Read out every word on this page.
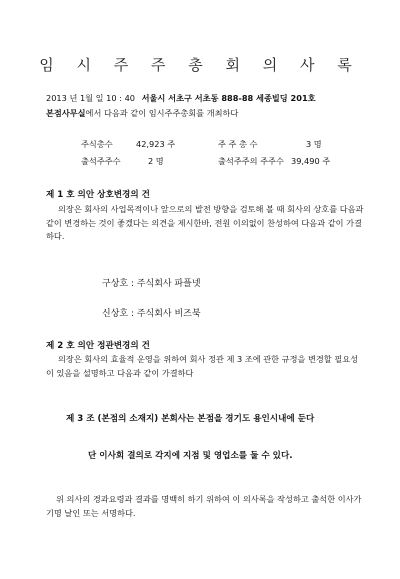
임 시 주 주 총 회 의 사 록
2013 년 1월 일 10 : 40 서울시 서초구 서초동 888-88 세종빌딩 201호
본점사무실에서 다음과 같이 임시주주총회를 개최하다
주식총수	42,923 주	주 주 총 수	3 명
출석주주수	2 명	출석주주의 주주수 39,490 주
제 1 호 의안 상호변경의 건
의장은 회사의 사업목적이나 앞으로의 발전 방향을 검토해 볼 때 회사의 상호를 다음과 같이 변경하는 것이 좋겠다는 의견을 제시한바, 전원 이의없이 찬성하여 다음과 같이 가결하다.
구상호 : 주식회사 파플넷
신상호 : 주식회사 비즈북
제 2 호 의안 정관변경의 건
의장은 회사의 효율적 운영을 위하여 회사 정관 제 3 조에 관한 규정을 변경할 필요성이 있음을 설명하고 다음과 같이 가결하다
제 3 조 (본점의 소재지) 본회사는 본점을 경기도 용인시내에 둔다
단 이사회 결의로 각지에 지점 및 영업소를 둘 수 있다.
위 의사의 경과요령과 결과를 명백히 하기 위하여 이 의사록을 작성하고 출석한 이사가 기명 날인 또는 서명하다.
